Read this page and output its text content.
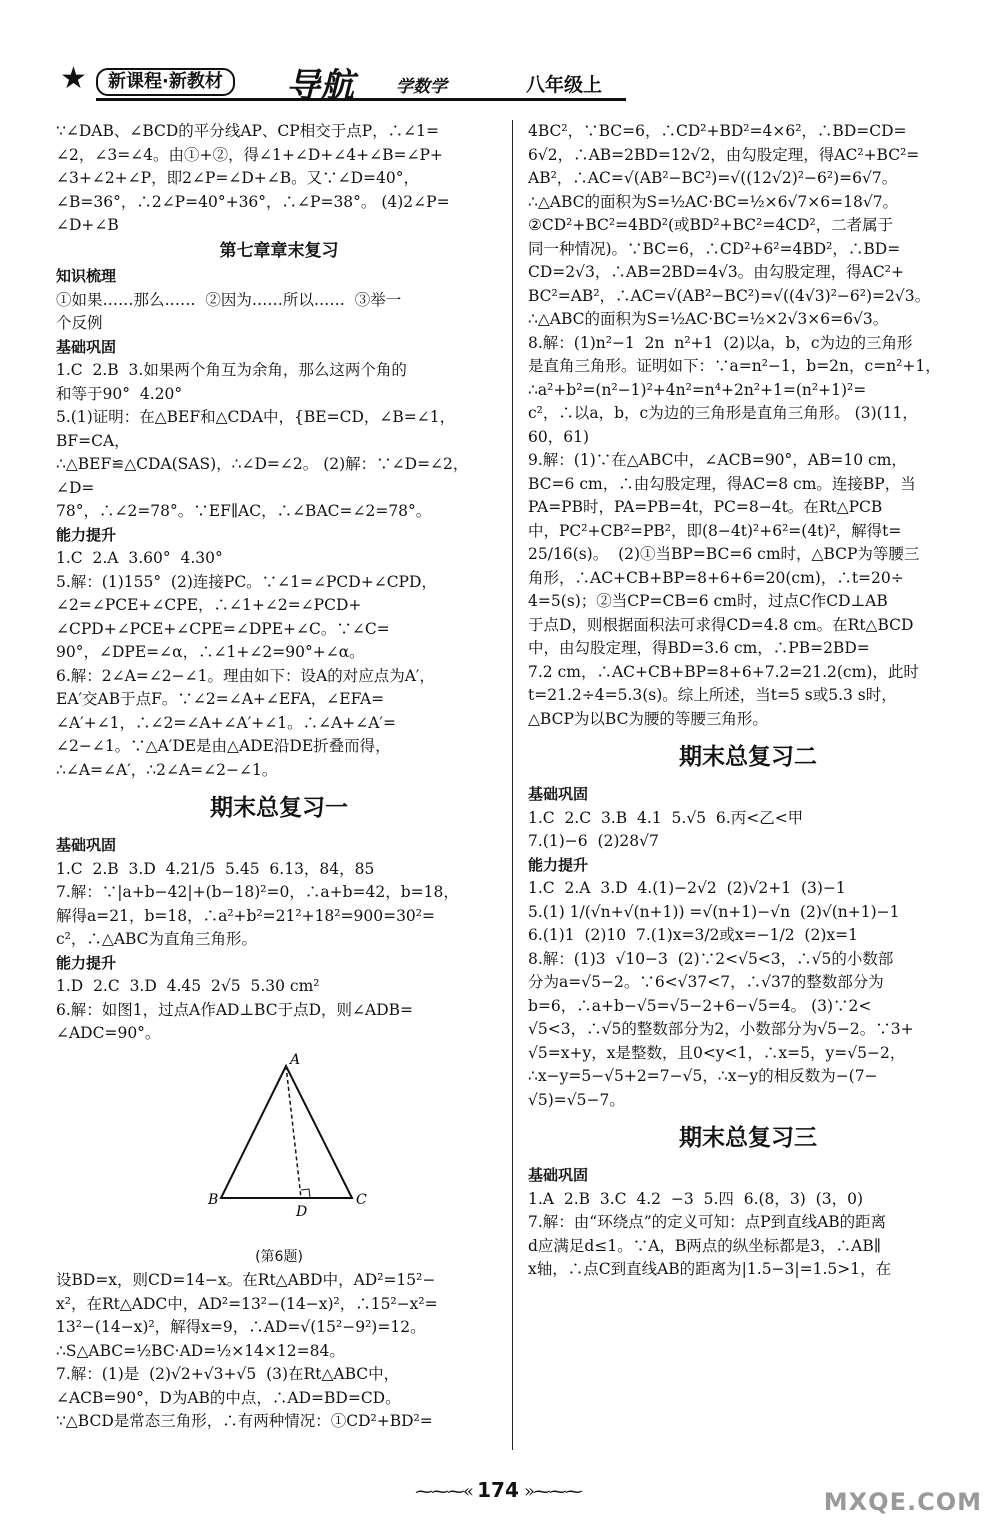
★	新课程·新教材	导航 学数学	八年级上

∵∠DAB、∠BCD的平分线AP、CP相交于点P，∴∠1=

∠2，∠3=∠4。由①+②，得∠1+∠D+∠4+∠B=∠P+

∠3+∠2+∠P，即2∠P=∠D+∠B。又∵∠D=40°，

∠B=36°，∴2∠P=40°+36°，∴∠P=38°。 (4)2∠P=

∠D+∠B

第七章章末复习

知识梳理

①如果……那么……  ②因为……所以……  ③举一

个反例

基础巩固

1.C  2.B  3.如果两个角互为余角，那么这两个角的

和等于90°  4.20°

5.(1)证明：在△BEF和△CDA中，{BE=CD，∠B=∠1，BF=CA，

∴△BEF≌△CDA(SAS)，∴∠D=∠2。 (2)解：∵∠D=∠2，∠D=

78°，∴∠2=78°。∵EF∥AC，∴∠BAC=∠2=78°。

能力提升

1.C  2.A  3.60°  4.30°

5.解：(1)155°  (2)连接PC。∵∠1=∠PCD+∠CPD，

∠2=∠PCE+∠CPE，∴∠1+∠2=∠PCD+

∠CPD+∠PCE+∠CPE=∠DPE+∠C。∵∠C=

90°，∠DPE=∠α，∴∠1+∠2=90°+∠α。

6.解：2∠A=∠2−∠1。理由如下：设A的对应点为A′，

EA′交AB于点F。∵∠2=∠A+∠EFA，∠EFA=

∠A′+∠1，∴∠2=∠A+∠A′+∠1。∴∠A+∠A′=

∠2−∠1。∵△A′DE是由△ADE沿DE折叠而得，

∴∠A=∠A′，∴2∠A=∠2−∠1。

期末总复习一

基础巩固

1.C  2.B  3.D  4.21/5  5.45  6.13，84，85

7.解：∵|a+b−42|+(b−18)²=0，∴a+b=42，b=18，

解得a=21，b=18，∴a²+b²=21²+18²=900=30²=

c²，∴△ABC为直角三角形。

能力提升

1.D  2.C  3.D  4.45  2√5  5.30 cm²

6.解：如图1，过点A作AD⊥BC于点D，则∠ADB=

∠ADC=90°。

A
B	C
D

(第6题)

设BD=x，则CD=14−x。在Rt△ABD中，AD²=15²−

x²，在Rt△ADC中，AD²=13²−(14−x)²，∴15²−x²=

13²−(14−x)²，解得x=9，∴AD=√(15²−9²)=12。

∴S△ABC=½BC·AD=½×14×12=84。

7.解：(1)是  (2)√2+√3+√5  (3)在Rt△ABC中，

∠ACB=90°，D为AB的中点，∴AD=BD=CD。

∵△BCD是常态三角形，∴有两种情况：①CD²+BD²=

4BC²，∵BC=6，∴CD²+BD²=4×6²，∴BD=CD=

6√2，∴AB=2BD=12√2，由勾股定理，得AC²+BC²=

AB²，∴AC=√(AB²−BC²)=√((12√2)²−6²)=6√7。

∴△ABC的面积为S=½AC·BC=½×6√7×6=18√7。

②CD²+BC²=4BD²(或BD²+BC²=4CD²，二者属于

同一种情况)。∵BC=6，∴CD²+6²=4BD²，∴BD=

CD=2√3，∴AB=2BD=4√3。由勾股定理，得AC²+

BC²=AB²，∴AC=√(AB²−BC²)=√((4√3)²−6²)=2√3。

∴△ABC的面积为S=½AC·BC=½×2√3×6=6√3。

8.解：(1)n²−1  2n  n²+1  (2)以a，b，c为边的三角形

是直角三角形。证明如下：∵a=n²−1，b=2n，c=n²+1，

∴a²+b²=(n²−1)²+4n²=n⁴+2n²+1=(n²+1)²=

c²，∴以a，b，c为边的三角形是直角三角形。 (3)(11，

60，61)

9.解：(1)∵在△ABC中，∠ACB=90°，AB=10 cm，

BC=6 cm，∴由勾股定理，得AC=8 cm。连接BP，当

PA=PB时，PA=PB=4t，PC=8−4t。在Rt△PCB

中，PC²+CB²=PB²，即(8−4t)²+6²=(4t)²，解得t=

25/16(s)。  (2)①当BP=BC=6 cm时，△BCP为等腰三

角形，∴AC+CB+BP=8+6+6=20(cm)，∴t=20÷

4=5(s)；②当CP=CB=6 cm时，过点C作CD⊥AB

于点D，则根据面积法可求得CD=4.8 cm。在Rt△BCD

中，由勾股定理，得BD=3.6 cm，∴PB=2BD=

7.2 cm，∴AC+CB+BP=8+6+7.2=21.2(cm)，此时

t=21.2÷4=5.3(s)。综上所述，当t=5 s或5.3 s时，

△BCP为以BC为腰的等腰三角形。

期末总复习二

基础巩固

1.C  2.C  3.B  4.1  5.√5  6.丙<乙<甲

7.(1)−6  (2)28√7

能力提升

1.C  2.A  3.D  4.(1)−2√2  (2)√2+1  (3)−1

5.(1) 1/(√n+√(n+1)) =√(n+1)−√n  (2)√(n+1)−1

6.(1)1  (2)10  7.(1)x=3/2或x=−1/2  (2)x=1

8.解：(1)3  √10−3  (2)∵2<√5<3，∴√5的小数部

分为a=√5−2。∵6<√37<7，∴√37的整数部分为

b=6，∴a+b−√5=√5−2+6−√5=4。 (3)∵2<

√5<3，∴√5的整数部分为2，小数部分为√5−2。∵3+

√5=x+y，x是整数，且0<y<1，∴x=5，y=√5−2，

∴x−y=5−√5+2=7−√5，∴x−y的相反数为−(7−

√5)=√5−7。

期末总复习三

基础巩固

1.A  2.B  3.C  4.2  −3  5.四  6.(8，3)  (3，0)

7.解：由“环绕点”的定义可知：点P到直线AB的距离

d应满足d≤1。∵A，B两点的纵坐标都是3，∴AB∥

x轴，∴点C到直线AB的距离为|1.5−3|=1.5>1，在

⁓⁓⁓« 174 »⁓⁓⁓	MXQE.COM
